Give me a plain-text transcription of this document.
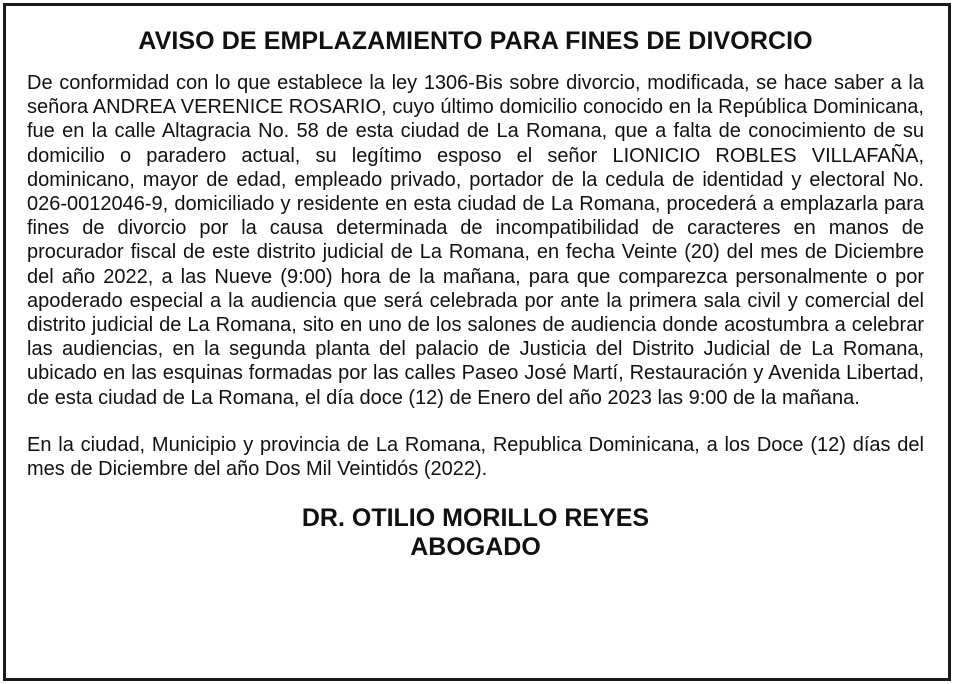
AVISO DE EMPLAZAMIENTO PARA FINES DE DIVORCIO

De conformidad con lo que establece la ley 1306-Bis sobre divorcio, modificada, se hace saber a la señora ANDREA VERENICE ROSARIO, cuyo último domicilio conocido en la República Dominicana, fue en la calle Altagracia No. 58 de esta ciudad de La Romana, que a falta de conocimiento de su domicilio o paradero actual, su legítimo esposo el señor LIONICIO ROBLES VILLAFAÑA, dominicano, mayor de edad, empleado privado, portador de la cedula de identidad y electoral No. 026-0012046-9, domiciliado y residente en esta ciudad de La Romana, procederá a emplazarla para fines de divorcio por la causa determinada de incompatibilidad de caracteres en manos de procurador fiscal de este distrito judicial de La Romana, en fecha Veinte (20) del mes de Diciembre del año 2022, a las Nueve (9:00) hora de la mañana, para que comparezca personalmente o por apoderado especial a la audiencia que será celebrada por ante la primera sala civil y comercial del distrito judicial de La Romana, sito en uno de los salones de audiencia donde acostumbra a celebrar las audiencias, en la segunda planta del palacio de Justicia del Distrito Judicial de La Romana, ubicado en las esquinas formadas por las calles Paseo José Martí, Restauración y Avenida Libertad, de esta ciudad de La Romana, el día doce (12) de Enero del año 2023 las 9:00 de la mañana.

En la ciudad, Municipio y provincia de La Romana, Republica Dominicana, a los Doce (12) días del mes de Diciembre del año Dos Mil Veintidós (2022).

DR. OTILIO MORILLO REYES
ABOGADO
